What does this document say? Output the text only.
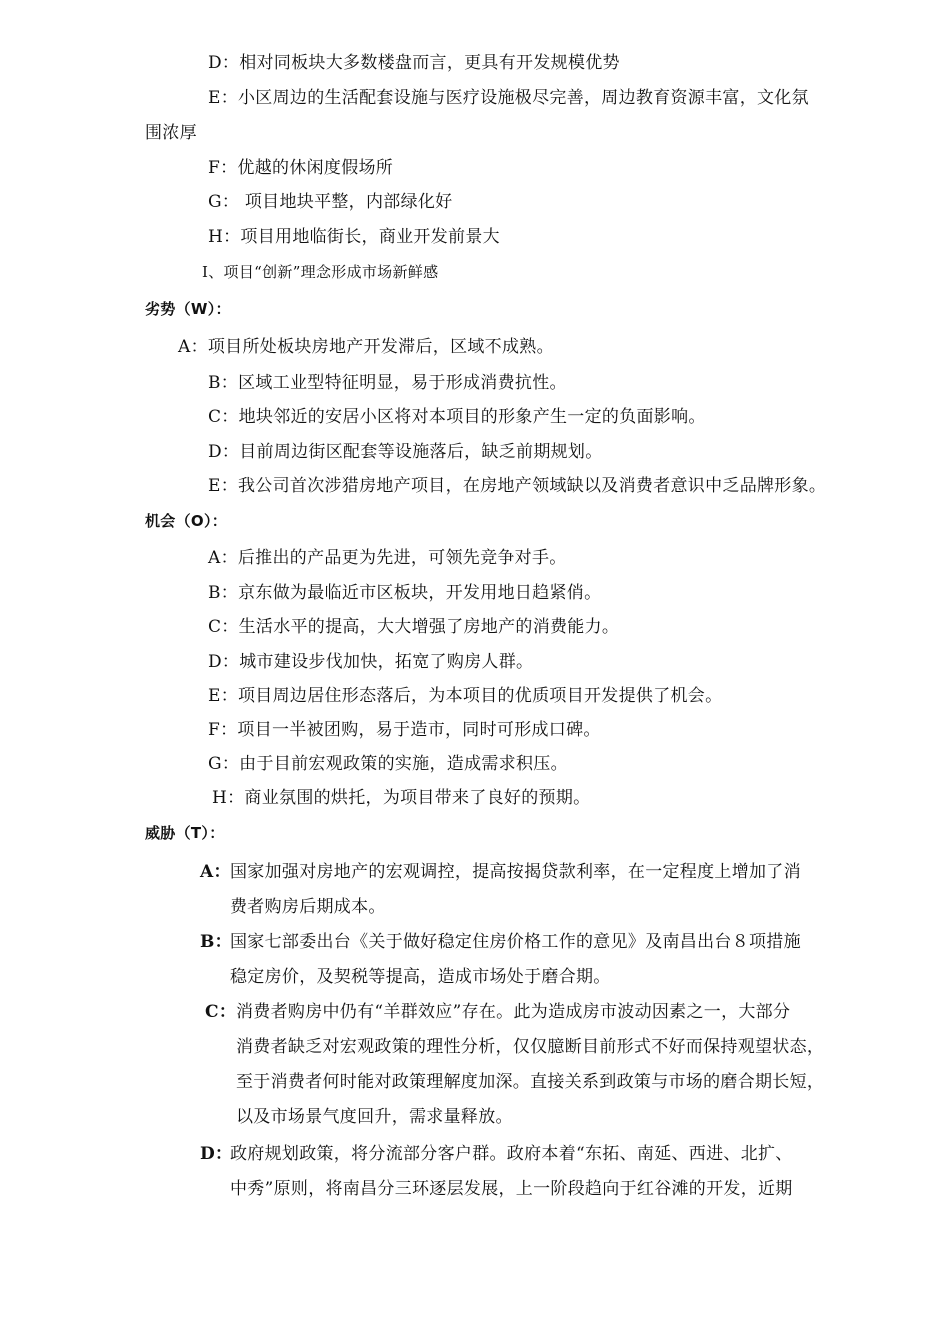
D：相对同板块大多数楼盘而言，更具有开发规模优势
E：小区周边的生活配套设施与医疗设施极尽完善，周边教育资源丰富，文化氛
围浓厚
F：优越的休闲度假场所
G： 项目地块平整，内部绿化好
H：项目用地临街长，商业开发前景大
I、项目“创新”理念形成市场新鲜感
劣势（W）：
A：项目所处板块房地产开发滞后，区域不成熟。
B：区域工业型特征明显，易于形成消费抗性。
C：地块邻近的安居小区将对本项目的形象产生一定的负面影响。
D：目前周边街区配套等设施落后，缺乏前期规划。
E：我公司首次涉猎房地产项目，在房地产领域缺以及消费者意识中乏品牌形象。
机会（O）：
A：后推出的产品更为先进，可领先竞争对手。
B：京东做为最临近市区板块，开发用地日趋紧俏。
C：生活水平的提高，大大增强了房地产的消费能力。
D：城市建设步伐加快，拓宽了购房人群。
E：项目周边居住形态落后，为本项目的优质项目开发提供了机会。
F：项目一半被团购，易于造市，同时可形成口碑。
G：由于目前宏观政策的实施，造成需求积压。
H：商业氛围的烘托，为项目带来了良好的预期。
威胁（T）：
A： 国家加强对房地产的宏观调控，提高按揭贷款利率，在一定程度上增加了消
费者购房后期成本。
B：
国家七部委出台《关于做好稳定住房价格工作的意见》及南昌出台８项措施
稳定房价，及契税等提高，造成市场处于磨合期。
C： 消费者购房中仍有“羊群效应”存在。此为造成房市波动因素之一，大部分
消费者缺乏对宏观政策的理性分析，仅仅臆断目前形式不好而保持观望状态，
至于消费者何时能对政策理解度加深。直接关系到政策与市场的磨合期长短，
以及市场景气度回升，需求量释放。
D：
政府规划政策，将分流部分客户群。政府本着“东拓、南延、西进、北扩、
中秀”原则，将南昌分三环逐层发展，上一阶段趋向于红谷滩的开发，近期
